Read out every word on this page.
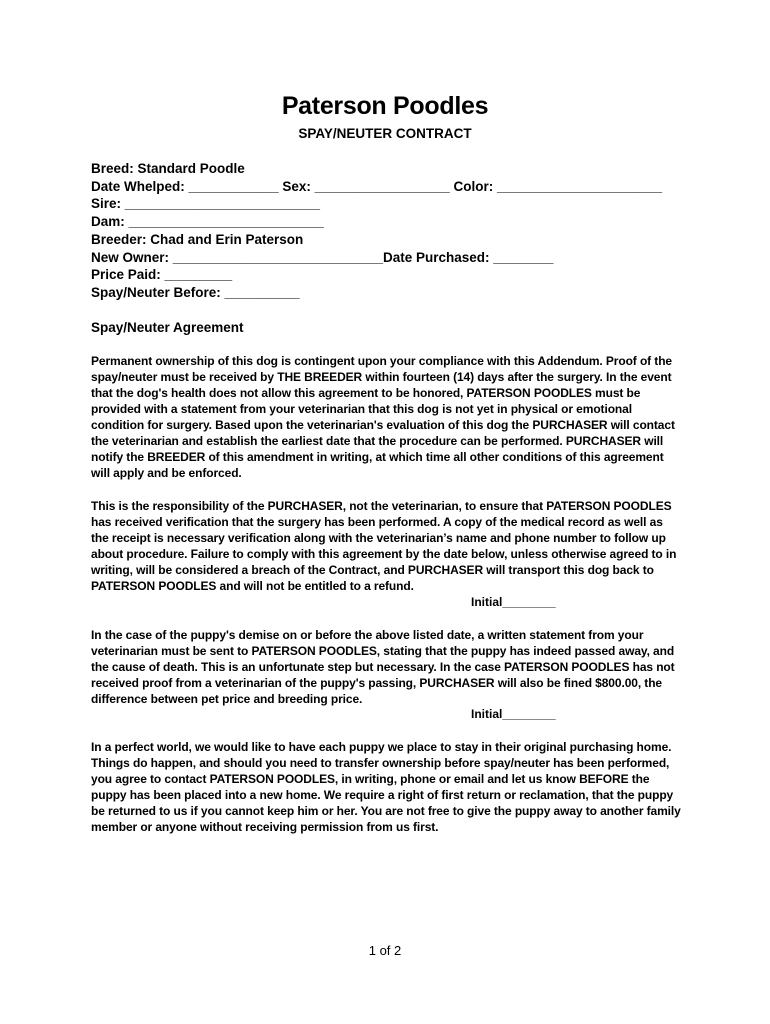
Paterson Poodles
SPAY/NEUTER CONTRACT
Breed: Standard Poodle
Date Whelped: ____________ Sex: __________________ Color: ______________________
Sire: __________________________
Dam: __________________________
Breeder: Chad and Erin Paterson
New Owner: ____________________________Date Purchased: ________
Price Paid: _________
Spay/Neuter Before: __________
Spay/Neuter Agreement

Permanent ownership of this dog is contingent upon your compliance with this Addendum. Proof of the spay/neuter must be received by THE BREEDER within fourteen (14) days after the surgery. In the event that the dog's health does not allow this agreement to be honored, PATERSON POODLES must be provided with a statement from your veterinarian that this dog is not yet in physical or emotional condition for surgery. Based upon the veterinarian's evaluation of this dog the PURCHASER will contact the veterinarian and establish the earliest date that the procedure can be performed. PURCHASER will notify the BREEDER of this amendment in writing, at which time all other conditions of this agreement will apply and be enforced.

This is the responsibility of the PURCHASER, not the veterinarian, to ensure that PATERSON POODLES has received verification that the surgery has been performed. A copy of the medical record as well as the receipt is necessary verification along with the veterinarian’s name and phone number to follow up about procedure. Failure to comply with this agreement by the date below, unless otherwise agreed to in writing, will be considered a breach of the Contract, and PURCHASER will transport this dog back to PATERSON POODLES and will not be entitled to a refund.

Initial________

In the case of the puppy's demise on or before the above listed date, a written statement from your veterinarian must be sent to PATERSON POODLES, stating that the puppy has indeed passed away, and the cause of death. This is an unfortunate step but necessary. In the case PATERSON POODLES has not received proof from a veterinarian of the puppy's passing, PURCHASER will also be fined $800.00, the difference between pet price and breeding price.

Initial________

In a perfect world, we would like to have each puppy we place to stay in their original purchasing home. Things do happen, and should you need to transfer ownership before spay/neuter has been performed, you agree to contact PATERSON POODLES, in writing, phone or email and let us know BEFORE the puppy has been placed into a new home. We require a right of first return or reclamation, that the puppy be returned to us if you cannot keep him or her. You are not free to give the puppy away to another family member or anyone without receiving permission from us first.

1 of 2
